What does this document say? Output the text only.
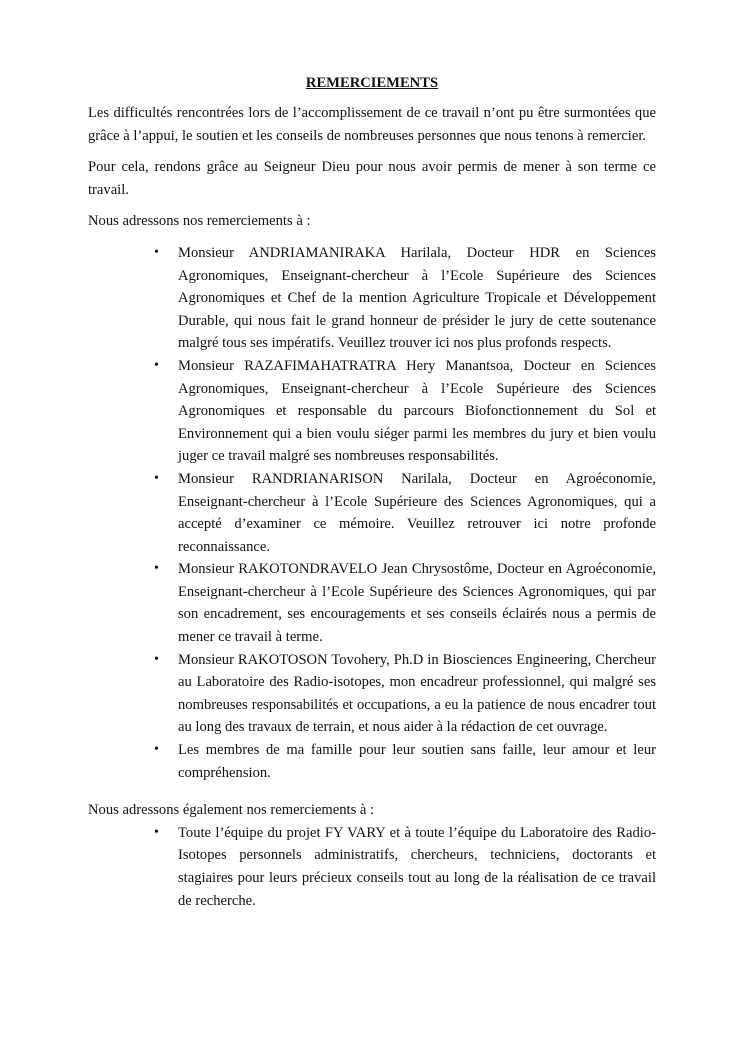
REMERCIEMENTS

Les difficultés rencontrées lors de l’accomplissement de ce travail n’ont pu être surmontées que grâce à l’appui, le soutien et les conseils de nombreuses personnes que nous tenons à remercier.

Pour cela, rendons grâce au Seigneur Dieu pour nous avoir permis de mener à son terme ce travail.

Nous adressons nos remerciements à :

• Monsieur ANDRIAMANIRAKA Harilala, Docteur HDR en Sciences Agronomiques, Enseignant-chercheur à l’Ecole Supérieure des Sciences Agronomiques et Chef de la mention Agriculture Tropicale et Développement Durable, qui nous fait le grand honneur de présider le jury de cette soutenance malgré tous ses impératifs. Veuillez trouver ici nos plus profonds respects.
• Monsieur RAZAFIMAHATRATRA Hery Manantsoa, Docteur en Sciences Agronomiques, Enseignant-chercheur à l’Ecole Supérieure des Sciences Agronomiques et responsable du parcours Biofonctionnement du Sol et Environnement qui a bien voulu siéger parmi les membres du jury et bien voulu juger ce travail malgré ses nombreuses responsabilités.
• Monsieur RANDRIANARISON Narilala, Docteur en Agroéconomie, Enseignant-chercheur à l’Ecole Supérieure des Sciences Agronomiques, qui a accepté d’examiner ce mémoire. Veuillez retrouver ici notre profonde reconnaissance.
• Monsieur RAKOTONDRAVELO Jean Chrysostôme, Docteur en Agroéconomie, Enseignant-chercheur à l’Ecole Supérieure des Sciences Agronomiques, qui par son encadrement, ses encouragements et ses conseils éclairés nous a permis de mener ce travail à terme.
• Monsieur RAKOTOSON Tovohery, Ph.D in Biosciences Engineering, Chercheur au Laboratoire des Radio-isotopes, mon encadreur professionnel, qui malgré ses nombreuses responsabilités et occupations, a eu la patience de nous encadrer tout au long des travaux de terrain, et nous aider à la rédaction de cet ouvrage.
• Les membres de ma famille pour leur soutien sans faille, leur amour et leur compréhension.

Nous adressons également nos remerciements à :

• Toute l’équipe du projet FY VARY et à toute l’équipe du Laboratoire des Radio-Isotopes personnels administratifs, chercheurs, techniciens, doctorants et stagiaires pour leurs précieux conseils tout au long de la réalisation de ce travail de recherche.
